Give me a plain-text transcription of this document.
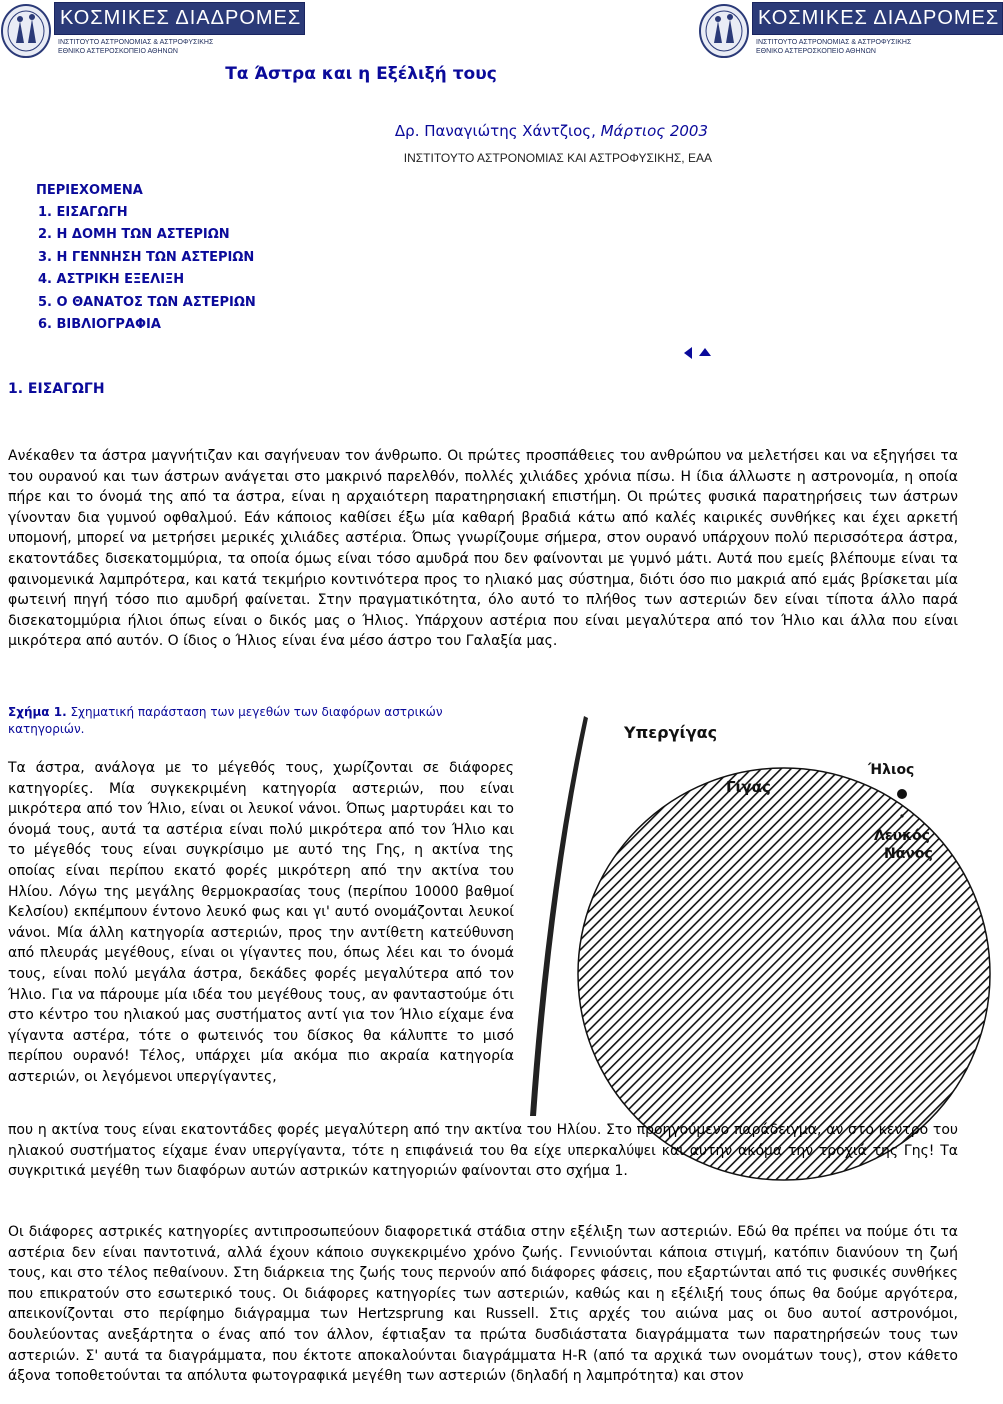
ΚΟΣΜΙΚΕΣ ΔΙΑΔΡΟΜΕΣ
ΙΝΣΤΙΤΟΥΤΟ ΑΣΤΡΟΝΟΜΙΑΣ & ΑΣΤΡΟΦΥΣΙΚΗΣ
ΕΘΝΙΚΟ ΑΣΤΕΡΟΣΚΟΠΕΙΟ ΑΘΗΝΩΝ
ΚΟΣΜΙΚΕΣ ΔΙΑΔΡΟΜΕΣ
ΙΝΣΤΙΤΟΥΤΟ ΑΣΤΡΟΝΟΜΙΑΣ & ΑΣΤΡΟΦΥΣΙΚΗΣ
ΕΘΝΙΚΟ ΑΣΤΕΡΟΣΚΟΠΕΙΟ ΑΘΗΝΩΝ
Τα Άστρα και η Εξέλιξή τους
Δρ. Παναγιώτης Χάντζιος, Μάρτιος 2003
ΙΝΣΤΙΤΟΥΤΟ ΑΣΤΡΟΝΟΜΙΑΣ ΚΑΙ ΑΣΤΡΟΦΥΣΙΚΗΣ, ΕΑΑ
ΠΕΡΙΕΧΟΜΕΝΑ
1. ΕΙΣΑΓΩΓΗ
2. Η ΔΟΜΗ ΤΩΝ ΑΣΤΕΡΙΩΝ
3. Η ΓΕΝΝΗΣΗ ΤΩΝ ΑΣΤΕΡΙΩΝ
4. ΑΣΤΡΙΚΗ ΕΞΕΛΙΞΗ
5. Ο ΘΑΝΑΤΟΣ ΤΩΝ ΑΣΤΕΡΙΩΝ
6. ΒΙΒΛΙΟΓΡΑΦΙΑ
1. ΕΙΣΑΓΩΓΗ
Ανέκαθεν τα άστρα μαγνήτιζαν και σαγήνευαν τον άνθρωπο. Οι πρώτες προσπάθειες του ανθρώπου να μελετήσει και να εξηγήσει τα του ουρανού και των άστρων ανάγεται στο μακρινό παρελθόν, πολλές χιλιάδες χρόνια πίσω. Η ίδια άλλωστε η αστρονομία, η οποία πήρε και το όνομά της από τα άστρα, είναι η αρχαιότερη παρατηρησιακή επιστήμη. Οι πρώτες φυσικά παρατηρήσεις των άστρων γίνονταν δια γυμνού οφθαλμού. Εάν κάποιος καθίσει έξω μία καθαρή βραδιά κάτω από καλές καιρικές συνθήκες και έχει αρκετή υπομονή, μπορεί να μετρήσει μερικές χιλιάδες αστέρια. Όπως γνωρίζουμε σήμερα, στον ουρανό υπάρχουν πολύ περισσότερα άστρα, εκατοντάδες δισεκατομμύρια, τα οποία όμως είναι τόσο αμυδρά που δεν φαίνονται με γυμνό μάτι. Αυτά που εμείς βλέπουμε είναι τα φαινομενικά λαμπρότερα, και κατά τεκμήριο κοντινότερα προς το ηλιακό μας σύστημα, διότι όσο πιο μακριά από εμάς βρίσκεται μία φωτεινή πηγή τόσο πιο αμυδρή φαίνεται. Στην πραγματικότητα, όλο αυτό το πλήθος των αστεριών δεν είναι τίποτα άλλο παρά δισεκατομμύρια ήλιοι όπως είναι ο δικός μας ο Ήλιος. Υπάρχουν αστέρια που είναι μεγαλύτερα από τον Ήλιο και άλλα που είναι μικρότερα από αυτόν. Ο ίδιος ο Ήλιος είναι ένα μέσο άστρο του Γαλαξία μας.
Σχήμα 1. Σχηματική παράσταση των μεγεθών των διαφόρων αστρικών κατηγοριών.
Τα άστρα, ανάλογα με το μέγεθός τους, χωρίζονται σε διάφορες κατηγορίες. Μία συγκεκριμένη κατηγορία αστεριών, που είναι μικρότερα από τον Ήλιο, είναι οι λευκοί νάνοι. Όπως μαρτυράει και το όνομά τους, αυτά τα αστέρια είναι πολύ μικρότερα από τον Ήλιο και το μέγεθός τους είναι συγκρίσιμο με αυτό της Γης, η ακτίνα της οποίας είναι περίπου εκατό φορές μικρότερη από την ακτίνα του Ηλίου. Λόγω της μεγάλης θερμοκρασίας τους (περίπου 10000 βαθμοί Κελσίου) εκπέμπουν έντονο λευκό φως και γι' αυτό ονομάζονται λευκοί νάνοι. Μία άλλη κατηγορία αστεριών, προς την αντίθετη κατεύθυνση από πλευράς μεγέθους, είναι οι γίγαντες που, όπως λέει και το όνομά τους, είναι πολύ μεγάλα άστρα, δεκάδες φορές μεγαλύτερα από τον Ήλιο. Για να πάρουμε μία ιδέα του μεγέθους τους, αν φανταστούμε ότι στο κέντρο του ηλιακού μας συστήματος αντί για τον Ήλιο είχαμε ένα γίγαντα αστέρα, τότε ο φωτεινός του δίσκος θα κάλυπτε το μισό περίπου ουρανό! Τέλος, υπάρχει μία ακόμα πιο ακραία κατηγορία αστεριών, οι λεγόμενοι υπεργίγαντες,
Υπεργίγας
Γίγας
Ήλιος
Λευκός
Νάνος
που η ακτίνα τους είναι εκατοντάδες φορές μεγαλύτερη από την ακτίνα του Ηλίου. Στο προηγούμενο παράδειγμα, αν στο κέντρο του ηλιακού συστήματος είχαμε έναν υπεργίγαντα, τότε η επιφάνειά του θα είχε υπερκαλύψει και αυτήν ακόμα την τροχιά της Γης! Τα συγκριτικά μεγέθη των διαφόρων αυτών αστρικών κατηγοριών φαίνονται στο σχήμα 1.
Οι διάφορες αστρικές κατηγορίες αντιπροσωπεύουν διαφορετικά στάδια στην εξέλιξη των αστεριών. Εδώ θα πρέπει να πούμε ότι τα αστέρια δεν είναι παντοτινά, αλλά έχουν κάποιο συγκεκριμένο χρόνο ζωής. Γεννιούνται κάποια στιγμή, κατόπιν διανύουν τη ζωή τους, και στο τέλος πεθαίνουν. Στη διάρκεια της ζωής τους περνούν από διάφορες φάσεις, που εξαρτώνται από τις φυσικές συνθήκες που επικρατούν στο εσωτερικό τους. Οι διάφορες κατηγορίες των αστεριών, καθώς και η εξέλιξή τους όπως θα δούμε αργότερα, απεικονίζονται στο περίφημο διάγραμμα των Hertzsprung και Russell. Στις αρχές του αιώνα μας οι δυο αυτοί αστρονόμοι, δουλεύοντας ανεξάρτητα ο ένας από τον άλλον, έφτιαξαν τα πρώτα δυσδιάστατα διαγράμματα των παρατηρήσεών τους των αστεριών. Σ' αυτά τα διαγράμματα, που έκτοτε αποκαλούνται διαγράμματα H-R (από τα αρχικά των ονομάτων τους), στον κάθετο άξονα τοποθετούνται τα απόλυτα φωτογραφικά μεγέθη των αστεριών (δηλαδή η λαμπρότητα) και στον
